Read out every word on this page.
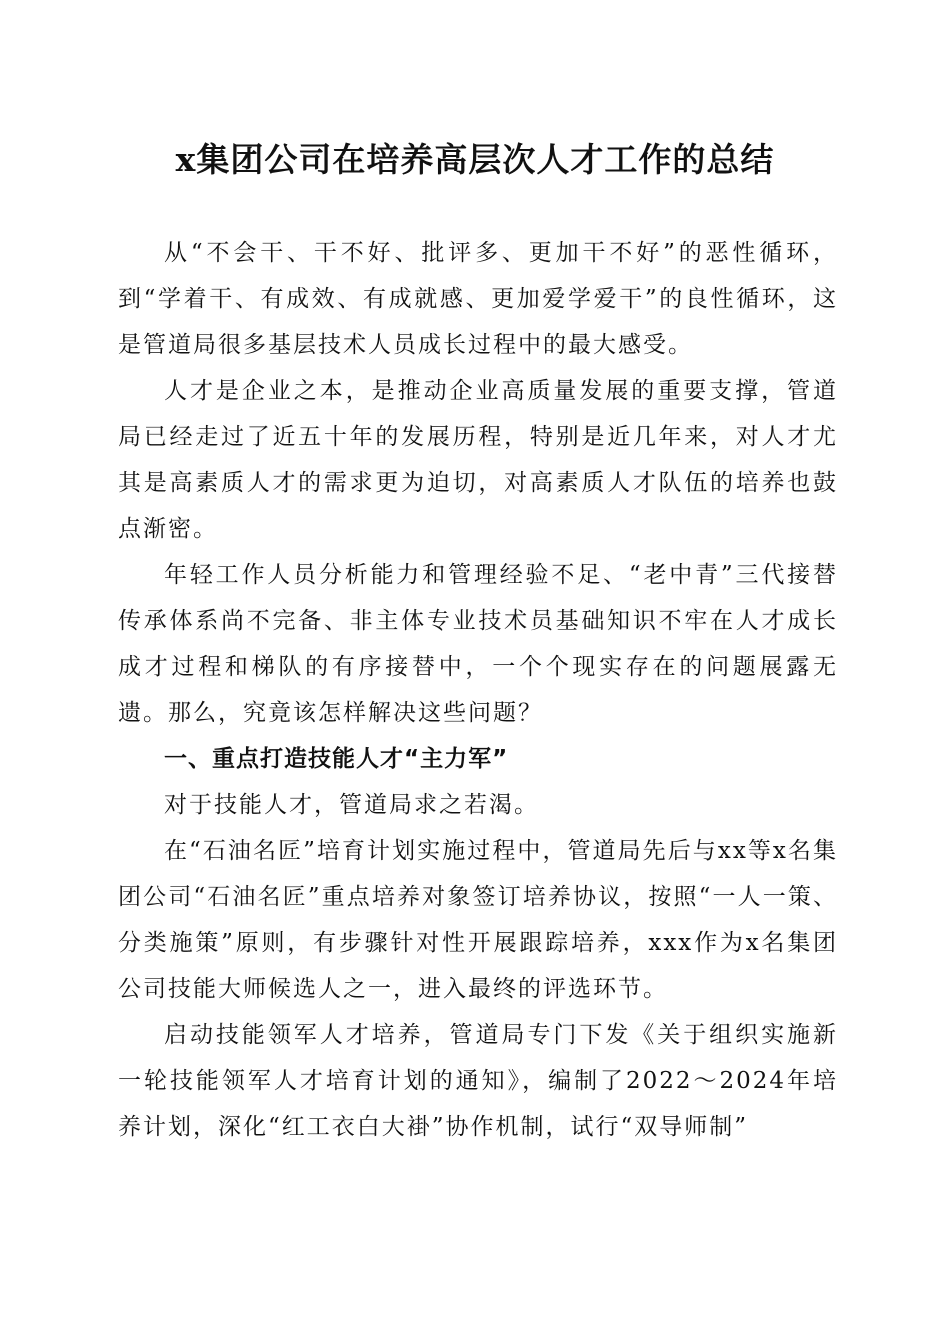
x集团公司在培养高层次人才工作的总结

从“不会干、干不好、批评多、更加干不好”的恶性循环，到“学着干、有成效、有成就感、更加爱学爱干”的良性循环，这是管道局很多基层技术人员成长过程中的最大感受。

人才是企业之本，是推动企业高质量发展的重要支撑，管道局已经走过了近五十年的发展历程，特别是近几年来，对人才尤其是高素质人才的需求更为迫切，对高素质人才队伍的培养也鼓点渐密。

年轻工作人员分析能力和管理经验不足、“老中青”三代接替传承体系尚不完备、非主体专业技术员基础知识不牢在人才成长成才过程和梯队的有序接替中，一个个现实存在的问题展露无遗。那么，究竟该怎样解决这些问题？

一、重点打造技能人才“主力军”

对于技能人才，管道局求之若渴。

在“石油名匠”培育计划实施过程中，管道局先后与xx等x名集团公司“石油名匠”重点培养对象签订培养协议，按照“一人一策、分类施策”原则，有步骤针对性开展跟踪培养，xxx作为x名集团公司技能大师候选人之一，进入最终的评选环节。

启动技能领军人才培养，管道局专门下发《关于组织实施新一轮技能领军人才培育计划的通知》，编制了2022～2024年培养计划，深化“红工衣白大褂”协作机制，试行“双导师制”
